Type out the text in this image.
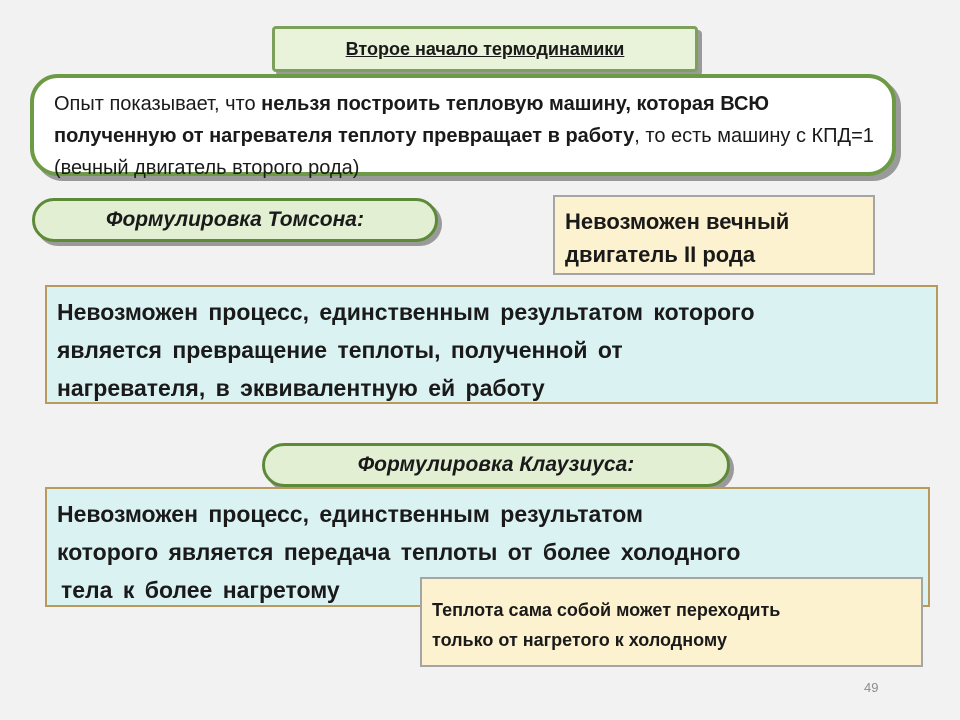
Второе начало термодинамики
Опыт показывает, что нельзя построить тепловую машину, которая ВСЮ полученную от нагревателя теплоту превращает в работу, то есть машину с КПД=1 (вечный двигатель второго рода)
Формулировка Томсона:	Невозможен вечный
двигатель II рода
Невозможен процесс, единственным результатом которого
является превращение теплоты, полученной от
нагревателя, в эквивалентную ей работу
Формулировка Клаузиуса:
Невозможен процесс, единственным результатом
которого является передача теплоты от более холодного
тела к более нагретому
Теплота сама собой может переходить
только от нагретого к холодному
49
